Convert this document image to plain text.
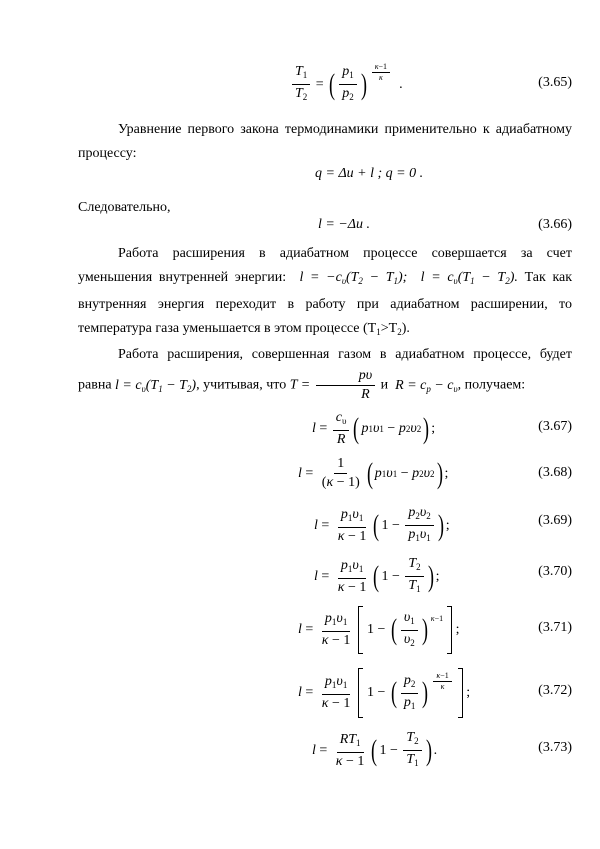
$\frac{T_1}{T_2}$ = ( $\frac{p_1}{p_2}$ ) $\frac{\kappa-1}{\kappa}$
.	(3.65)
Уравнение первого закона термодинамики применительно к адиабатному процессу:
q = Δu + l ; q = 0 .
Следовательно,
l = −Δu .	(3.66)
Работа расширения в адиабатном процессе совершается за счет уменьшения внутренней энергии:  $l = -c_\upsilon(T_2 - T_1)$;  $l = c_\upsilon(T_1 - T_2)$. Так как внутренняя энергия переходит в работу при адиабатном расширении, то температура газа уменьшается в этом процессе $(T_1>T_2)$.
Работа расширения, совершенная газом в адиабатном процессе, будет равна $l = c_\upsilon(T_1 - T_2)$, учитывая, что $T = \frac{p\upsilon}{R}$ и  $R = c_p - c_\upsilon$, получаем:
$l = \frac{c_\upsilon}{R}$ ( p 1 υ 1 − p 2 υ 2 ) ;	(3.67)
$l = \frac{1}{(\kappa - 1)}$ ( p 1 υ 1 − p 2 υ 2 ) ;	(3.68)
$l = \frac{p_1\upsilon_1}{\kappa - 1}$ ( $1 - \frac{p_2\upsilon_2}{p_1\upsilon_1}$ ) ;	(3.69)
$l = \frac{p_1\upsilon_1}{\kappa - 1}$ ( $1 - \frac{T_2}{T_1}$ ) ;	(3.70)
$l = \frac{p_1\upsilon_1}{\kappa - 1} 1$ − ( $\frac{\upsilon_1}{\upsilon_2}$ ) κ−1
;	(3.71)
$l = \frac{p_1\upsilon_1}{\kappa - 1} 1$ − ( $\frac{p_2}{p_1}$ ) $\frac{\kappa-1}{\kappa}$
;	(3.72)
$l = \frac{RT_1}{\kappa - 1}$ ( $1 - \frac{T_2}{T_1}$ ) .	(3.73)
